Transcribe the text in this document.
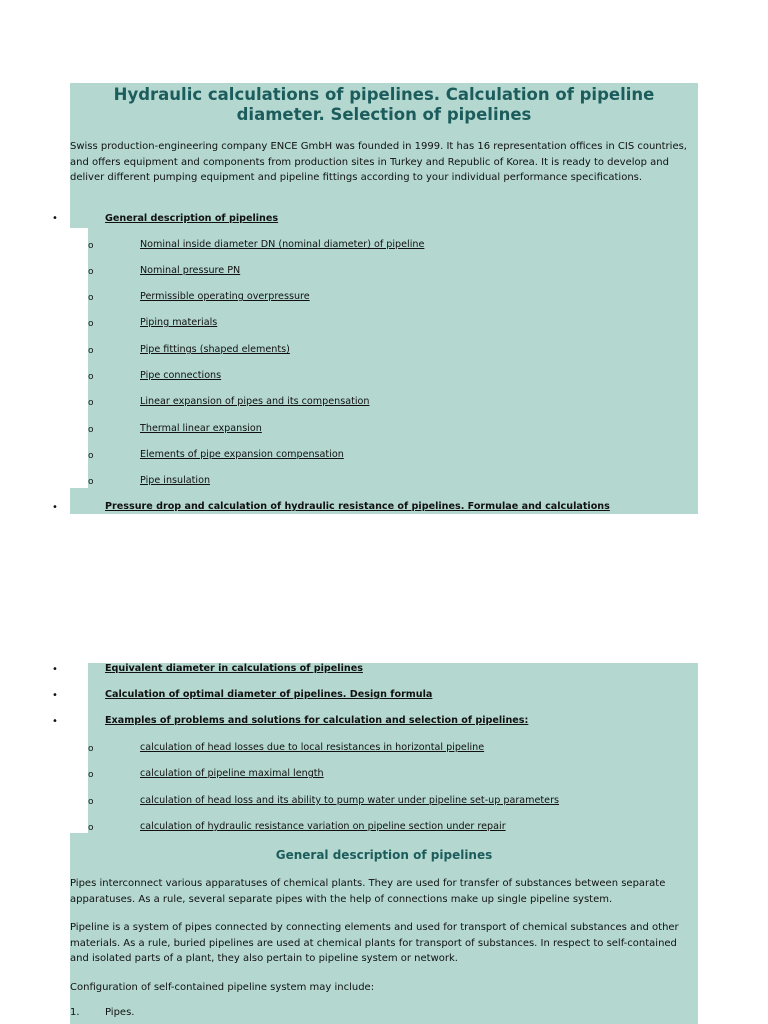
Hydraulic calculations of pipelines. Calculation of pipeline
diameter. Selection of pipelines
Swiss production-engineering company ENCE GmbH was founded in 1999. It has 16 representation offices in CIS countries, and offers equipment and components from production sites in Turkey and Republic of Korea. It is ready to develop and deliver different pumping equipment and pipeline fittings according to your individual performance specifications.
•	General description of pipelines
o	Nominal inside diameter DN (nominal diameter) of pipeline
o	Nominal pressure PN
o	Permissible operating overpressure
o	Piping materials
o	Pipe fittings (shaped elements)
o	Pipe connections
o	Linear expansion of pipes and its compensation
o	Thermal linear expansion
o	Elements of pipe expansion compensation
o	Pipe insulation
•	Pressure drop and calculation of hydraulic resistance of pipelines. Formulae and calculations
•	Equivalent diameter in calculations of pipelines
•	Calculation of optimal diameter of pipelines. Design formula
•	Examples of problems and solutions for calculation and selection of pipelines:
o	calculation of head losses due to local resistances in horizontal pipeline
o	calculation of pipeline maximal length
o	calculation of head loss and its ability to pump water under pipeline set-up parameters
o	calculation of hydraulic resistance variation on pipeline section under repair
General description of pipelines
Pipes interconnect various apparatuses of chemical plants. They are used for transfer of substances between separate apparatuses. As a rule, several separate pipes with the help of connections make up single pipeline system.
Pipeline is a system of pipes connected by connecting elements and used for transport of chemical substances and other materials. As a rule, buried pipelines are used at chemical plants for transport of substances. In respect to self-contained and isolated parts of a plant, they also pertain to pipeline system or network.
Configuration of self-contained pipeline system may include:
1.	Pipes.
